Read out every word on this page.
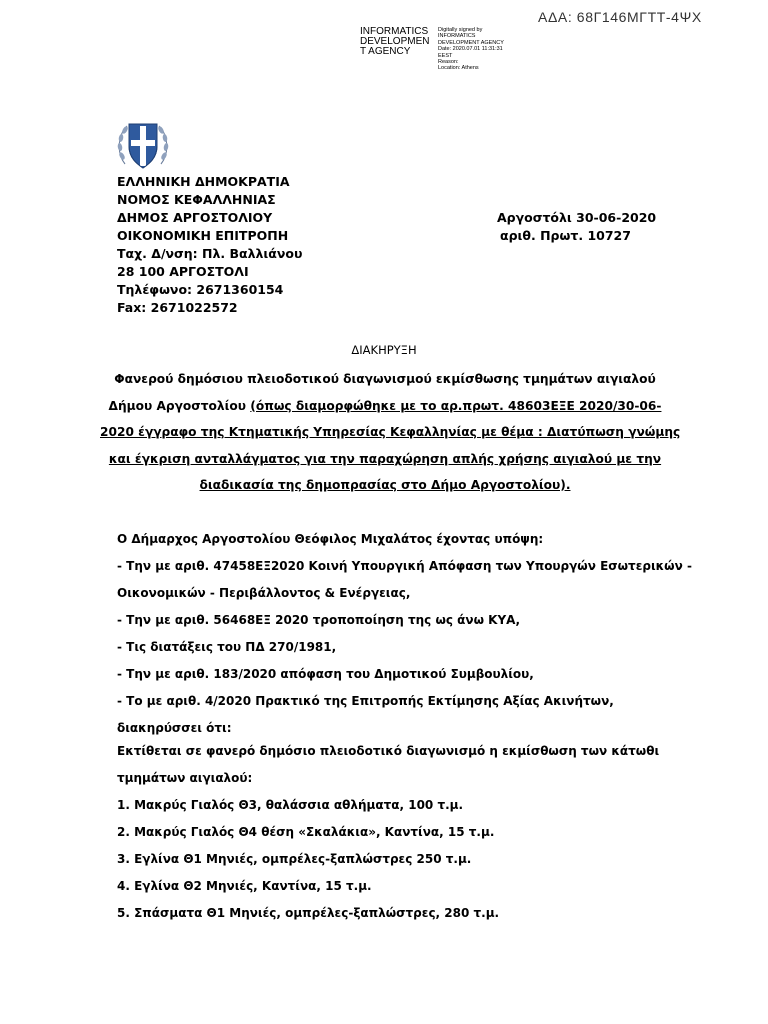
ΑΔΑ: 68Γ146ΜΓΤΤ-4ΨΧ
INFORMATICS
DEVELOPMEN
T AGENCY
Digitally signed by
INFORMATICS
DEVELOPMENT AGENCY
Date: 2020.07.01 11:31:31
EEST
Reason:
Location: Athens
ΕΛΛΗΝΙΚΗ ΔΗΜΟΚΡΑΤΙΑ
ΝΟΜΟΣ ΚΕΦΑΛΛΗΝΙΑΣ
ΔΗΜΟΣ ΑΡΓΟΣΤΟΛΙΟΥ
ΟΙΚΟΝΟΜΙΚΗ ΕΠΙΤΡΟΠΗ
Ταχ. Δ/νση: Πλ. Βαλλιάνου
28 100 ΑΡΓΟΣΤΟΛΙ
Τηλέφωνο: 2671360154
Fax: 2671022572
Αργοστόλι 30-06-2020
αριθ. Πρωτ. 10727
ΔΙΑΚΗΡΥΞΗ
Φανερού δημόσιου πλειοδοτικού διαγωνισμού εκμίσθωσης τμημάτων αιγιαλού
Δήμου Αργοστολίου (όπως διαμορφώθηκε με το αρ.πρωτ. 48603ΕΞΕ 2020/30-06-
2020 έγγραφο της Κτηματικής Υπηρεσίας Κεφαλληνίας με θέμα : Διατύπωση γνώμης
και έγκριση ανταλλάγματος για την παραχώρηση απλής χρήσης αιγιαλού με την
διαδικασία της δημοπρασίας στο Δήμο Αργοστολίου).
Ο Δήμαρχος Αργοστολίου Θεόφιλος Μιχαλάτος έχοντας υπόψη:
- Την με αριθ. 47458ΕΞ2020 Κοινή Υπουργική Απόφαση των Υπουργών Εσωτερικών -
Οικονομικών - Περιβάλλοντος & Ενέργειας,
- Την με αριθ. 56468ΕΞ 2020 τροποποίηση της ως άνω ΚΥΑ,
- Τις διατάξεις του ΠΔ 270/1981,
- Την με αριθ. 183/2020 απόφαση του Δημοτικού Συμβουλίου,
- Το με αριθ. 4/2020 Πρακτικό της Επιτροπής Εκτίμησης Αξίας Ακινήτων,
διακηρύσσει ότι:
Εκτίθεται σε φανερό δημόσιο πλειοδοτικό διαγωνισμό η εκμίσθωση των κάτωθι
τμημάτων αιγιαλού:
1. Μακρύς Γιαλός Θ3, θαλάσσια αθλήματα, 100 τ.μ.
2. Μακρύς Γιαλός Θ4 θέση «Σκαλάκια», Καντίνα, 15 τ.μ.
3. Εγλίνα Θ1 Μηνιές, ομπρέλες-ξαπλώστρες 250 τ.μ.
4. Εγλίνα Θ2 Μηνιές, Καντίνα, 15 τ.μ.
5. Σπάσματα Θ1 Μηνιές, ομπρέλες-ξαπλώστρες, 280 τ.μ.
